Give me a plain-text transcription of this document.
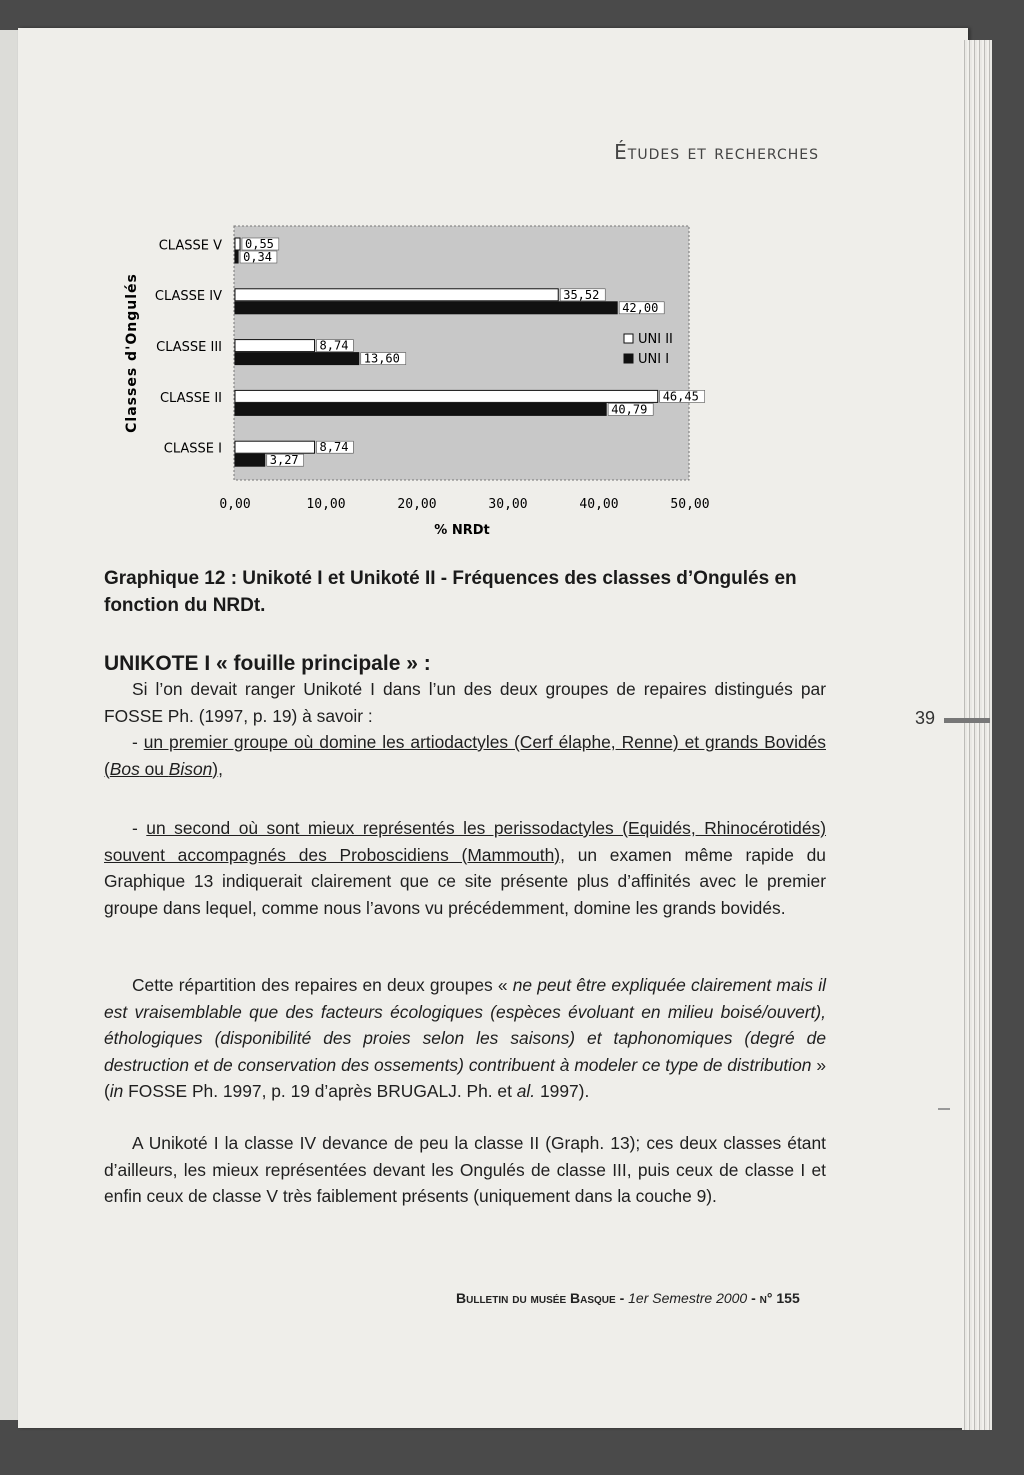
Études et recherches
Classes d'Ongulés
% NRDt
CLASSE V 0,55
0,34
CLASSE IV	35,52
42,00
CLASSE III	8,74
13,60
CLASSE II	46,45
40,79
CLASSE I	8,74
3,27
0,00	10,00	20,00	30,00	40,00	50,00
UNI II
UNI I
Graphique 12 : Unikoté I et Unikoté II - Fréquences des classes d’Ongulés en fonction du NRDt.
UNIKOTE I « fouille principale » :

Si l’on devait ranger Unikoté I dans l’un des deux groupes de repaires distingués par FOSSE Ph. (1997, p. 19) à savoir :

- un premier groupe où domine les artiodactyles (Cerf élaphe, Renne) et grands Bovidés (Bos ou Bison),

- un second où sont mieux représentés les perissodactyles (Equidés, Rhinocérotidés) souvent accompagnés des Proboscidiens (Mammouth), un examen même rapide du Graphique 13 indiquerait clairement que ce site présente plus d’affinités avec le premier groupe dans lequel, comme nous l’avons vu précédemment, domine les grands bovidés.

Cette répartition des repaires en deux groupes « ne peut être expliquée clairement mais il est vraisemblable que des facteurs écologiques (espèces évoluant en milieu boisé/ouvert), éthologiques (disponibilité des proies selon les saisons) et taphonomiques (degré de destruction et de conservation des ossements) contribuent à modeler ce type de distribution » (in FOSSE Ph. 1997, p. 19 d’après BRUGALJ. Ph. et al. 1997).

A Unikoté I la classe IV devance de peu la classe II (Graph. 13); ces deux classes étant d’ailleurs, les mieux représentées devant les Ongulés de classe III, puis ceux de classe I et enfin ceux de classe V très faiblement présents (uniquement dans la couche 9).

39
Bulletin du musée Basque - 1er Semestre 2000 - n° 155
